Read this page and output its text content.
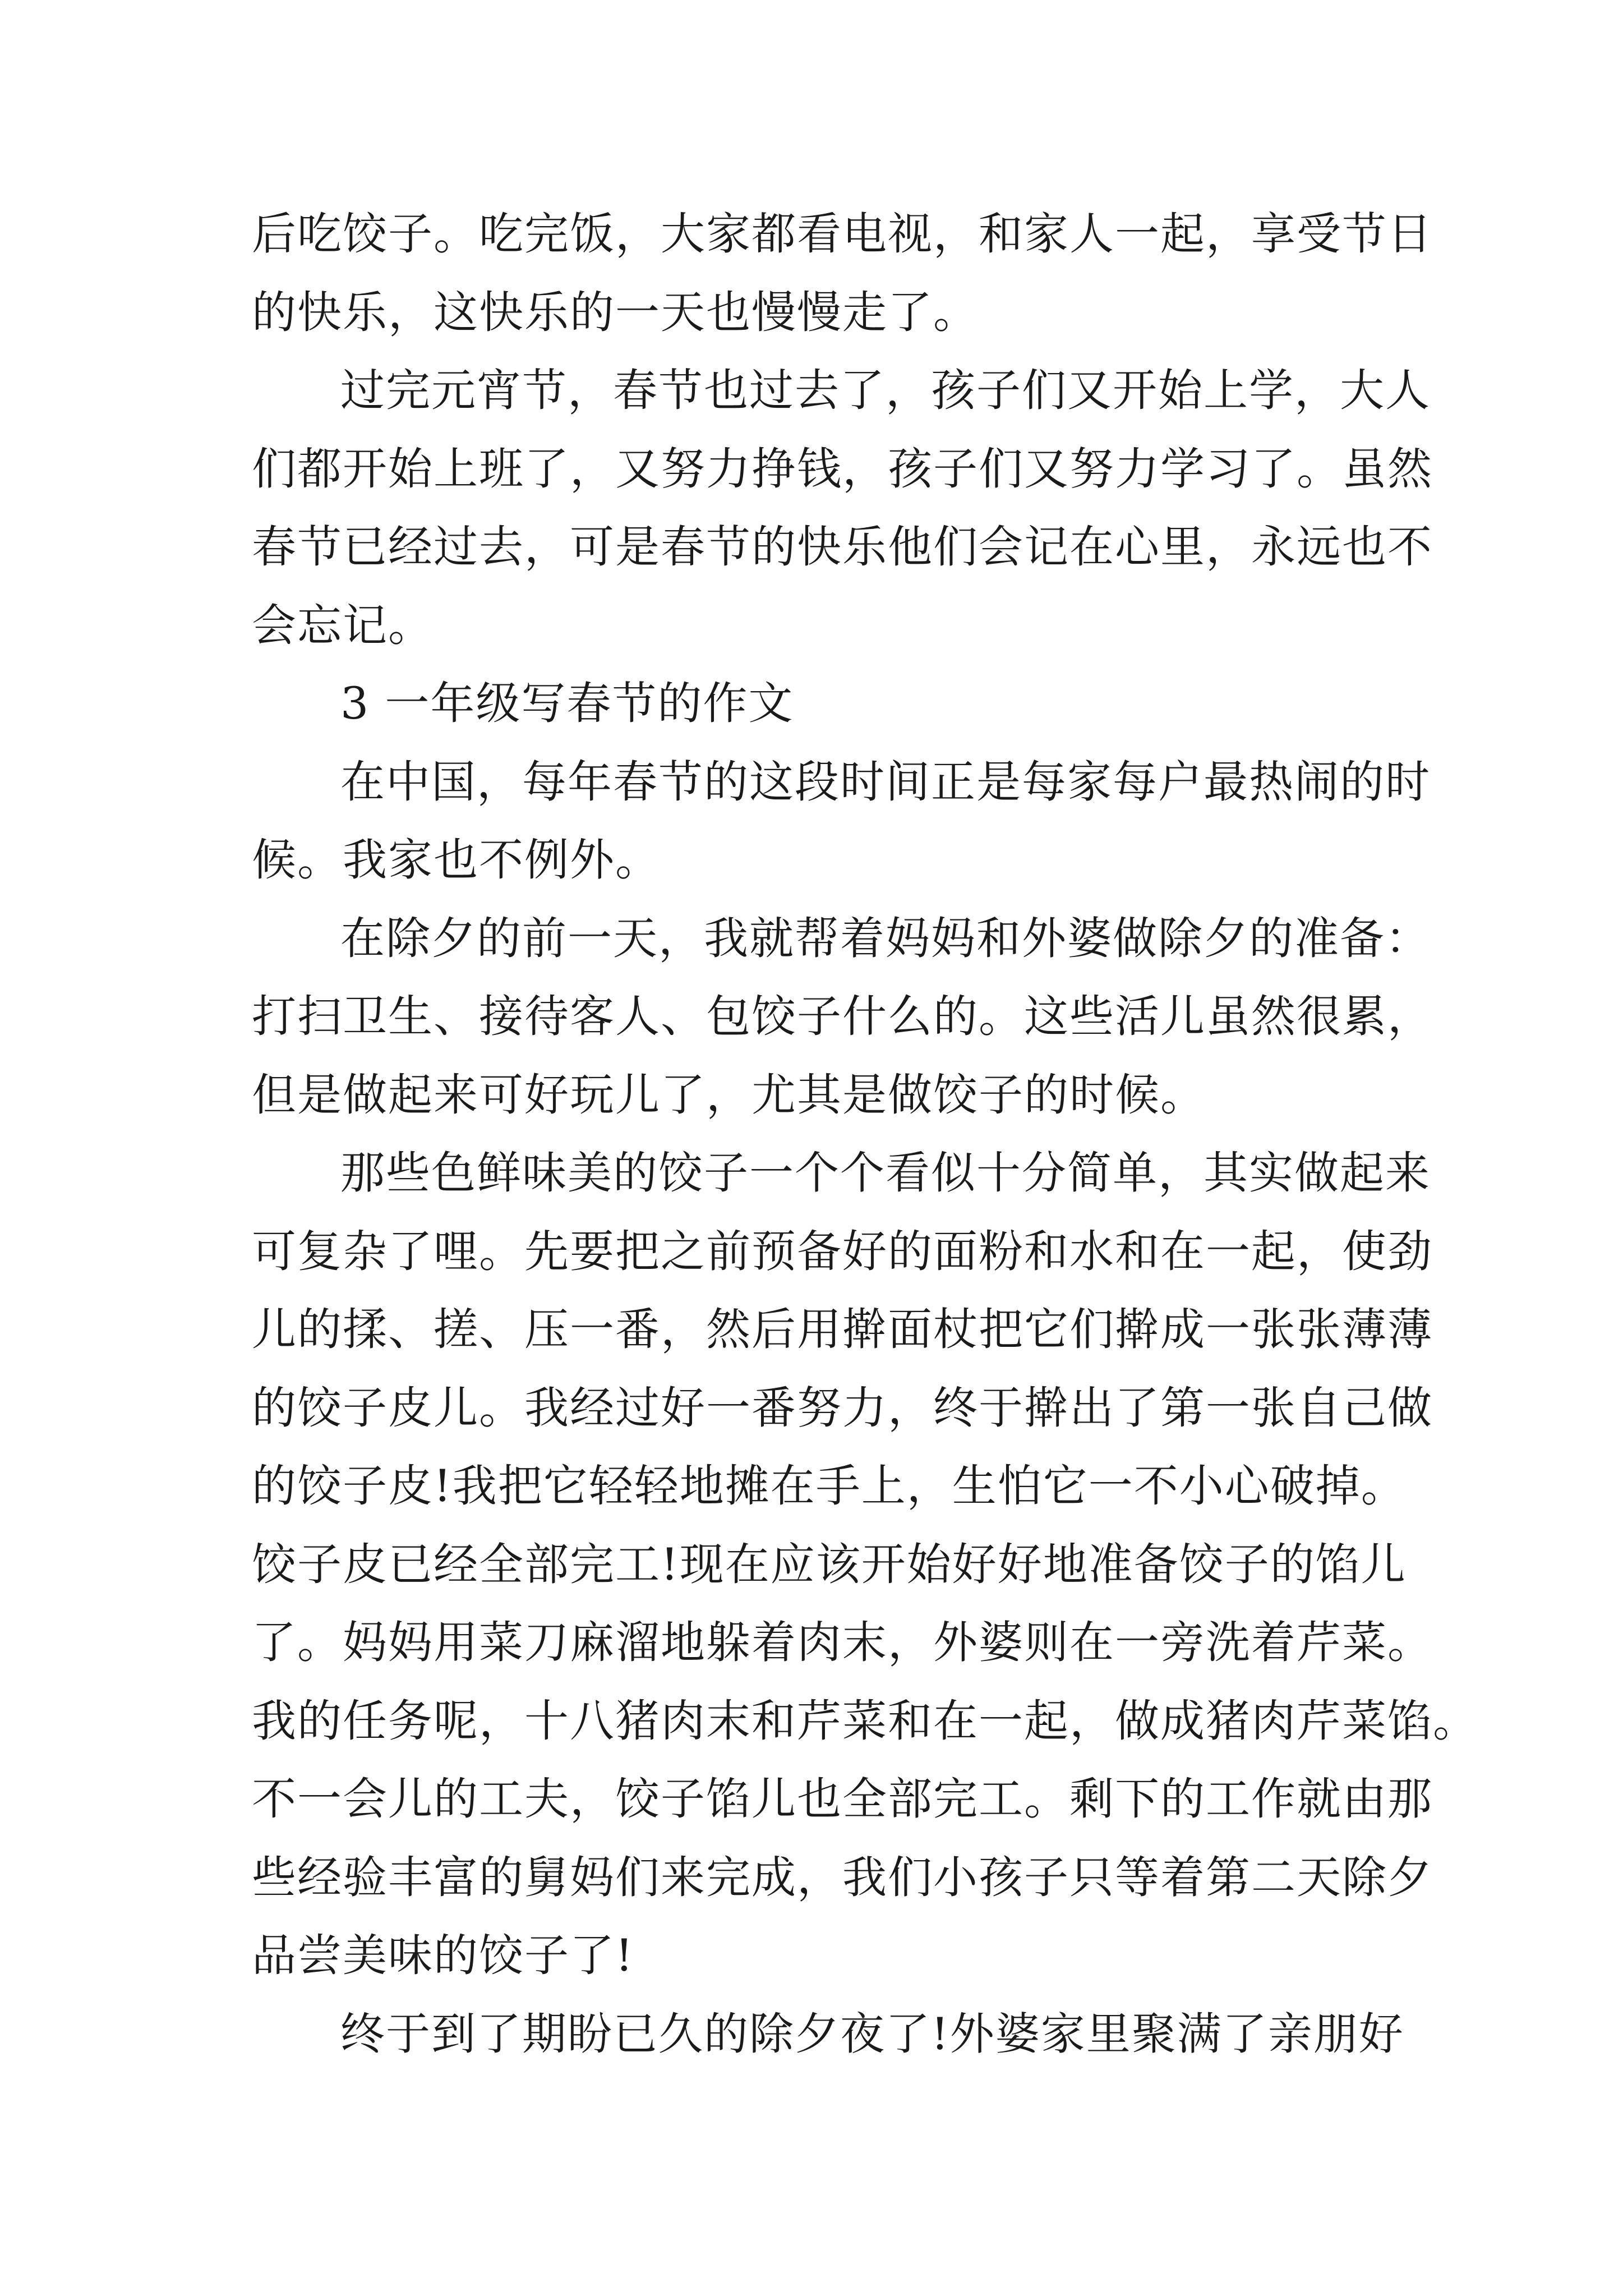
后吃饺子。吃完饭，大家都看电视，和家人一起，享受节日
的快乐，这快乐的一天也慢慢走了。
过完元宵节，春节也过去了，孩子们又开始上学，大人
们都开始上班了，又努力挣钱，孩子们又努力学习了。虽然
春节已经过去，可是春节的快乐他们会记在心里，永远也不
会忘记。
3 一年级写春节的作文
在中国，每年春节的这段时间正是每家每户最热闹的时
候。我家也不例外。
在除夕的前一天，我就帮着妈妈和外婆做除夕的准备：
打扫卫生、接待客人、包饺子什么的。这些活儿虽然很累，
但是做起来可好玩儿了，尤其是做饺子的时候。
那些色鲜味美的饺子一个个看似十分简单，其实做起来
可复杂了哩。先要把之前预备好的面粉和水和在一起，使劲
儿的揉、搓、压一番，然后用擀面杖把它们擀成一张张薄薄
的饺子皮儿。我经过好一番努力，终于擀出了第一张自己做
的饺子皮!我把它轻轻地摊在手上，生怕它一不小心破掉。
饺子皮已经全部完工!现在应该开始好好地准备饺子的馅儿
了。妈妈用菜刀麻溜地躲着肉末，外婆则在一旁洗着芹菜。
我的任务呢，十八猪肉末和芹菜和在一起，做成猪肉芹菜馅。
不一会儿的工夫，饺子馅儿也全部完工。剩下的工作就由那
些经验丰富的舅妈们来完成，我们小孩子只等着第二天除夕
品尝美味的饺子了!
终于到了期盼已久的除夕夜了!外婆家里聚满了亲朋好
